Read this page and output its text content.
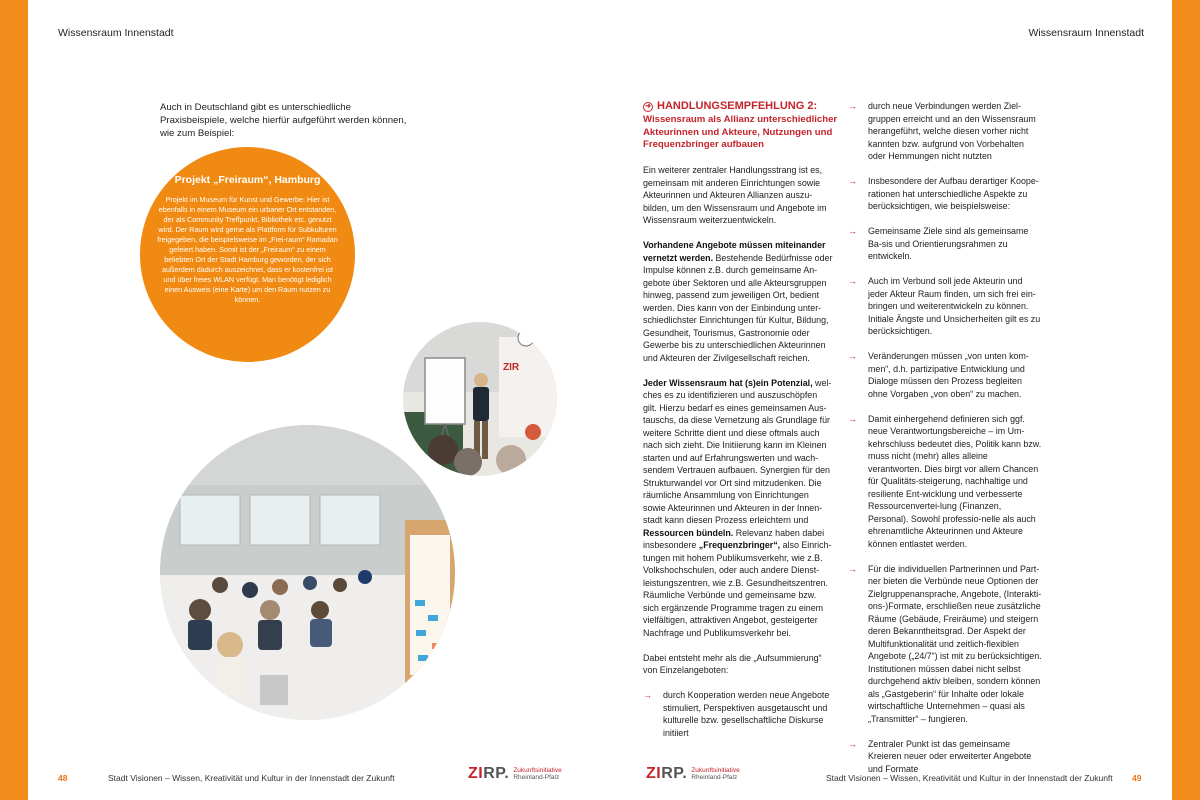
Wissensraum Innenstadt	Wissensraum Innenstadt
Auch in Deutschland gibt es unterschiedliche Praxisbeispiele, welche hierfür aufgeführt werden können, wie zum Beispiel:
Projekt „Freiraum“, Hamburg

Projekt im Museum für Kunst und Gewerbe: Hier ist ebenfalls in einem Museum ein urbaner Ort entstanden, der als Community Treffpunkt, Bibliothek etc. genutzt wird. Der Raum wird gerne als Plattform für Subkulturen freigegeben, die beispielsweise im „Frei-raum“ Ramadan gefeiert haben. Somit ist der „Freiraum“ zu einem beliebten Ort der Stadt Hamburg geworden, der sich außerdem dadurch auszeichnet, dass er kostenfrei ist und über freies WLAN verfügt. Man benötigt lediglich einen Ausweis (eine Karte) um den Raum nutzen zu können.

ZIR
➜ HANDLUNGSEMPFEHLUNG 2:
Wissensraum als Allianz unterschiedlicher Akteurinnen und Akteure, Nutzungen und Frequenzbringer aufbauen

Ein weiterer zentraler Handlungsstrang ist es, gemeinsam mit anderen Einrichtungen sowie Akteurinnen und Akteuren Allianzen auszu-bilden, um den Wissensraum und Angebote im Wissensraum weiterzuentwickeln.

Vorhandene Angebote müssen miteinander vernetzt werden. Bestehende Bedürfnisse oder Impulse können z.B. durch gemeinsame An-gebote über Sektoren und alle Akteursgruppen hinweg, passend zum jeweiligen Ort, bedient werden. Dies kann von der Einbindung unter-schiedlichster Einrichtungen für Kultur, Bildung, Gesundheit, Tourismus, Gastronomie oder Gewerbe bis zu unterschiedlichen Akteurinnen und Akteuren der Zivilgesellschaft reichen.

Jeder Wissensraum hat (s)ein Potenzial, wel-ches es zu identifizieren und auszuschöpfen gilt. Hierzu bedarf es eines gemeinsamen Aus-tauschs, da diese Vernetzung als Grundlage für weitere Schritte dient und diese oftmals auch nach sich zieht. Die Initiierung kann im Kleinen starten und auf Erfahrungswerten und wach-sendem Vertrauen aufbauen. Synergien für den Strukturwandel vor Ort sind mitzudenken. Die räumliche Ansammlung von Einrichtungen sowie Akteurinnen und Akteuren in der Innen-stadt kann diesen Prozess erleichtern und Ressourcen bündeln. Relevanz haben dabei insbesondere „Frequenzbringer“, also Einrich-tungen mit hohem Publikumsverkehr, wie z.B. Volkshochschulen, oder auch andere Dienst-leistungszentren, wie z.B. Gesundheitszentren. Räumliche Verbünde und gemeinsame bzw. sich ergänzende Programme tragen zu einem vielfältigen, attraktiven Angebot, gesteigerter Nachfrage und Publikumsverkehr bei.

Dabei entsteht mehr als die „Aufsummierung“ von Einzelangeboten:

→	durch Kooperation werden neue Angebote stimuliert, Perspektiven ausgetauscht und kulturelle bzw. gesellschaftliche Diskurse initiiert
→	durch neue Verbindungen werden Ziel-gruppen erreicht und an den Wissensraum herangeführt, welche diesen vorher nicht kannten bzw. aufgrund von Vorbehalten oder Hemmungen nicht nutzten
→	Insbesondere der Aufbau derartiger Koope-rationen hat unterschiedliche Aspekte zu berücksichtigen, wie beispielsweise:
→	Gemeinsame Ziele sind als gemeinsame Ba-sis und Orientierungsrahmen zu entwickeln.
→	Auch im Verbund soll jede Akteurin und jeder Akteur Raum finden, um sich frei ein-bringen und weiterentwickeln zu können. Initiale Ängste und Unsicherheiten gilt es zu berücksichtigen.
→	Veränderungen müssen „von unten kom-men“, d.h. partizipative Entwicklung und Dialoge müssen den Prozess begleiten ohne Vorgaben „von oben“ zu machen.
→	Damit einhergehend definieren sich ggf. neue Verantwortungsbereiche – im Um-kehrschluss bedeutet dies, Politik kann bzw. muss nicht (mehr) alles alleine verantworten. Dies birgt vor allem Chancen für Qualitäts-steigerung, nachhaltige und resiliente Ent-wicklung und verbesserte Ressourcenvertei-lung (Finanzen, Personal). Sowohl professio-nelle als auch ehrenamtliche Akteurinnen und Akteure können entlastet werden.
→	Für die individuellen Partnerinnen und Part-ner bieten die Verbünde neue Optionen der Zielgruppenansprache, Angebote, (Interakti-ons-)Formate, erschließen neue zusätzliche Räume (Gebäude, Freiräume) und steigern deren Bekanntheitsgrad. Der Aspekt der Multifunktionalität und zeitlich-flexiblen Angebote („24/7“) ist mit zu berücksichtigen. Institutionen müssen dabei nicht selbst durchgehend aktiv bleiben, sondern können als „Gastgeberin“ für Inhalte oder lokale wirtschaftliche Unternehmen – quasi als „Transmitter“ – fungieren.
→	Zentraler Punkt ist das gemeinsame Kreieren neuer oder erweiterter Angebote und Formate
48	Stadt Visionen – Wissen, Kreativität und Kultur in der Innenstadt der Zukunft	ZIRP. Zukunftsinitiative
Rheinland-Pfalz	ZIRP. Zukunftsinitiative
Rheinland-Pfalz	Stadt Visionen – Wissen, Kreativität und Kultur in der Innenstadt der Zukunft 49
